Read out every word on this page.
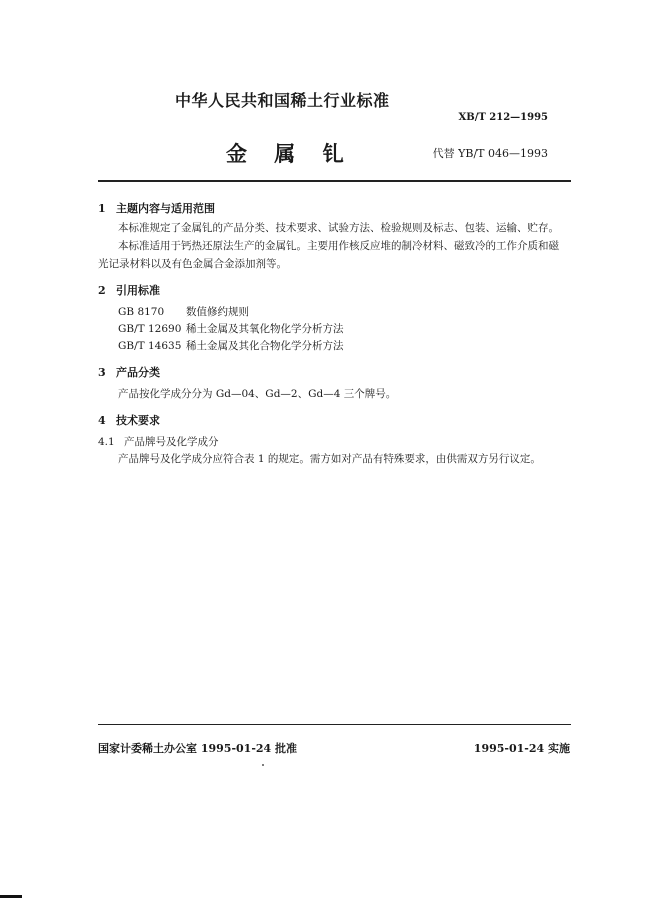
中华人民共和国稀土行业标准
XB/T 212—1995
金 属 钆	代替 YB/T 046—1993
1 主题内容与适用范围
本标准规定了金属钆的产品分类、技术要求、试验方法、检验规则及标志、包装、运输、贮存。
本标准适用于钙热还原法生产的金属钆。主要用作核反应堆的制冷材料、磁致冷的工作介质和磁
光记录材料以及有色金属合金添加剂等。
2 引用标准
GB 8170 数值修约规则
GB/T 12690 稀土金属及其氧化物化学分析方法
GB/T 14635 稀土金属及其化合物化学分析方法
3 产品分类
产品按化学成分分为 Gd—04、Gd—2、Gd—4 三个牌号。
4 技术要求
4.1 产品牌号及化学成分
产品牌号及化学成分应符合表 1 的规定。需方如对产品有特殊要求，由供需双方另行议定。
国家计委稀土办公室 1995-01-24 批准	1995-01-24 实施
